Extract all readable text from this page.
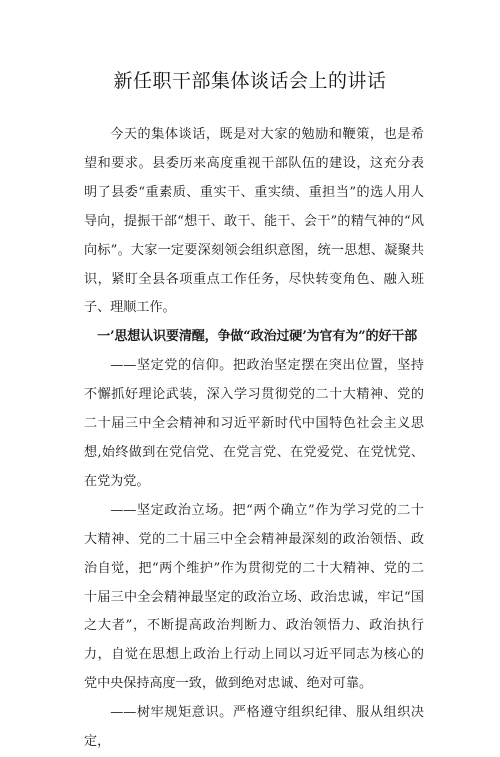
新任职干部集体谈话会上的讲话

今天的集体谈话，既是对大家的勉励和鞭策，也是希望和要求。县委历来高度重视干部队伍的建设，这充分表明了县委“重素质、重实干、重实绩、重担当”的选人用人导向，提振干部“想干、敢干、能干、会干”的精气神的“风向标”。大家一定要深刻领会组织意图，统一思想、凝聚共识，紧盯全县各项重点工作任务，尽快转变角色、融入班子、理顺工作。

一’思想认识要清醒，争做“政治过硬’为官有为”的好干部

——坚定党的信仰。把政治坚定摆在突出位置，坚持不懈抓好理论武装，深入学习贯彻党的二十大精神、党的二十届三中全会精神和习近平新时代中国特色社会主义思想,始终做到在党信党、在党言党、在党爱党、在党忧党、在党为党。

——坚定政治立场。把“两个确立”作为学习党的二十大精神、党的二十届三中全会精神最深刻的政治领悟、政治自觉，把“两个维护”作为贯彻党的二十大精神、党的二十届三中全会精神最坚定的政治立场、政治忠诚，牢记“国之大者”，不断提高政治判断力、政治领悟力、政治执行力，自觉在思想上政治上行动上同以习近平同志为核心的党中央保持高度一致，做到绝对忠诚、绝对可靠。

——树牢规矩意识。严格遵守组织纪律、服从组织决定，
